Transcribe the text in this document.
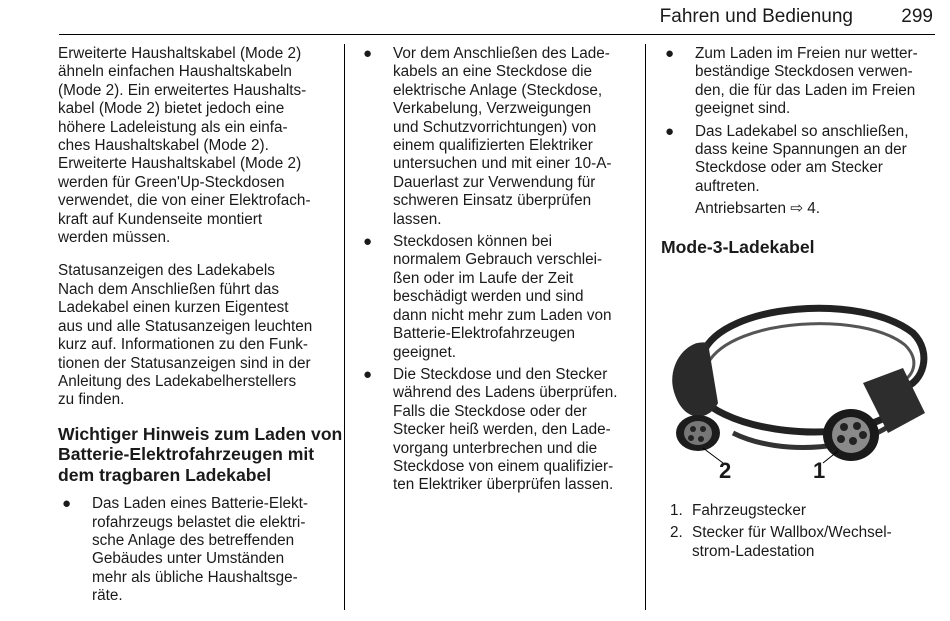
Fahren und Bedienung	299

Erweiterte Haushaltskabel (Mode 2)
ähneln einfachen Haushaltskabeln
(Mode 2). Ein erweitertes Haushalts-
kabel (Mode 2) bietet jedoch eine
höhere Ladeleistung als ein einfa-
ches Haushaltskabel (Mode 2).
Erweiterte Haushaltskabel (Mode 2)
werden für Green'Up-Steckdosen
verwendet, die von einer Elektrofach-
kraft auf Kundenseite montiert
werden müssen.

Statusanzeigen des Ladekabels

Nach dem Anschließen führt das
Ladekabel einen kurzen Eigentest
aus und alle Statusanzeigen leuchten
kurz auf. Informationen zu den Funk-
tionen der Statusanzeigen sind in der
Anleitung des Ladekabelherstellers
zu finden.

Wichtiger Hinweis zum Laden von
Batterie-Elektrofahrzeugen mit
dem tragbaren Ladekabel
● Das Laden eines Batterie-Elekt-
rofahrzeugs belastet die elektri-
sche Anlage des betreffenden
Gebäudes unter Umständen
mehr als übliche Haushaltsge-
räte.
● Vor dem Anschließen des Lade-
kabels an eine Steckdose die
elektrische Anlage (Steckdose,
Verkabelung, Verzweigungen
und Schutzvorrichtungen) von
einem qualifizierten Elektriker
untersuchen und mit einer 10-A-
Dauerlast zur Verwendung für
schweren Einsatz überprüfen
lassen.
● Steckdosen können bei
normalem Gebrauch verschlei-
ßen oder im Laufe der Zeit
beschädigt werden und sind
dann nicht mehr zum Laden von
Batterie-Elektrofahrzeugen
geeignet.
● Die Steckdose und den Stecker
während des Ladens überprüfen.
Falls die Steckdose oder der
Stecker heiß werden, den Lade-
vorgang unterbrechen und die
Steckdose von einem qualifizier-
ten Elektriker überprüfen lassen.
● Zum Laden im Freien nur wetter-
beständige Steckdosen verwen-
den, die für das Laden im Freien
geeignet sind.
● Das Ladekabel so anschließen,
dass keine Spannungen an der
Steckdose oder am Stecker
auftreten.
Antriebsarten ⇨ 4.
Mode-3-Ladekabel
2	1
1. Fahrzeugstecker
2. Stecker für Wallbox/Wechsel-
strom-Ladestation
